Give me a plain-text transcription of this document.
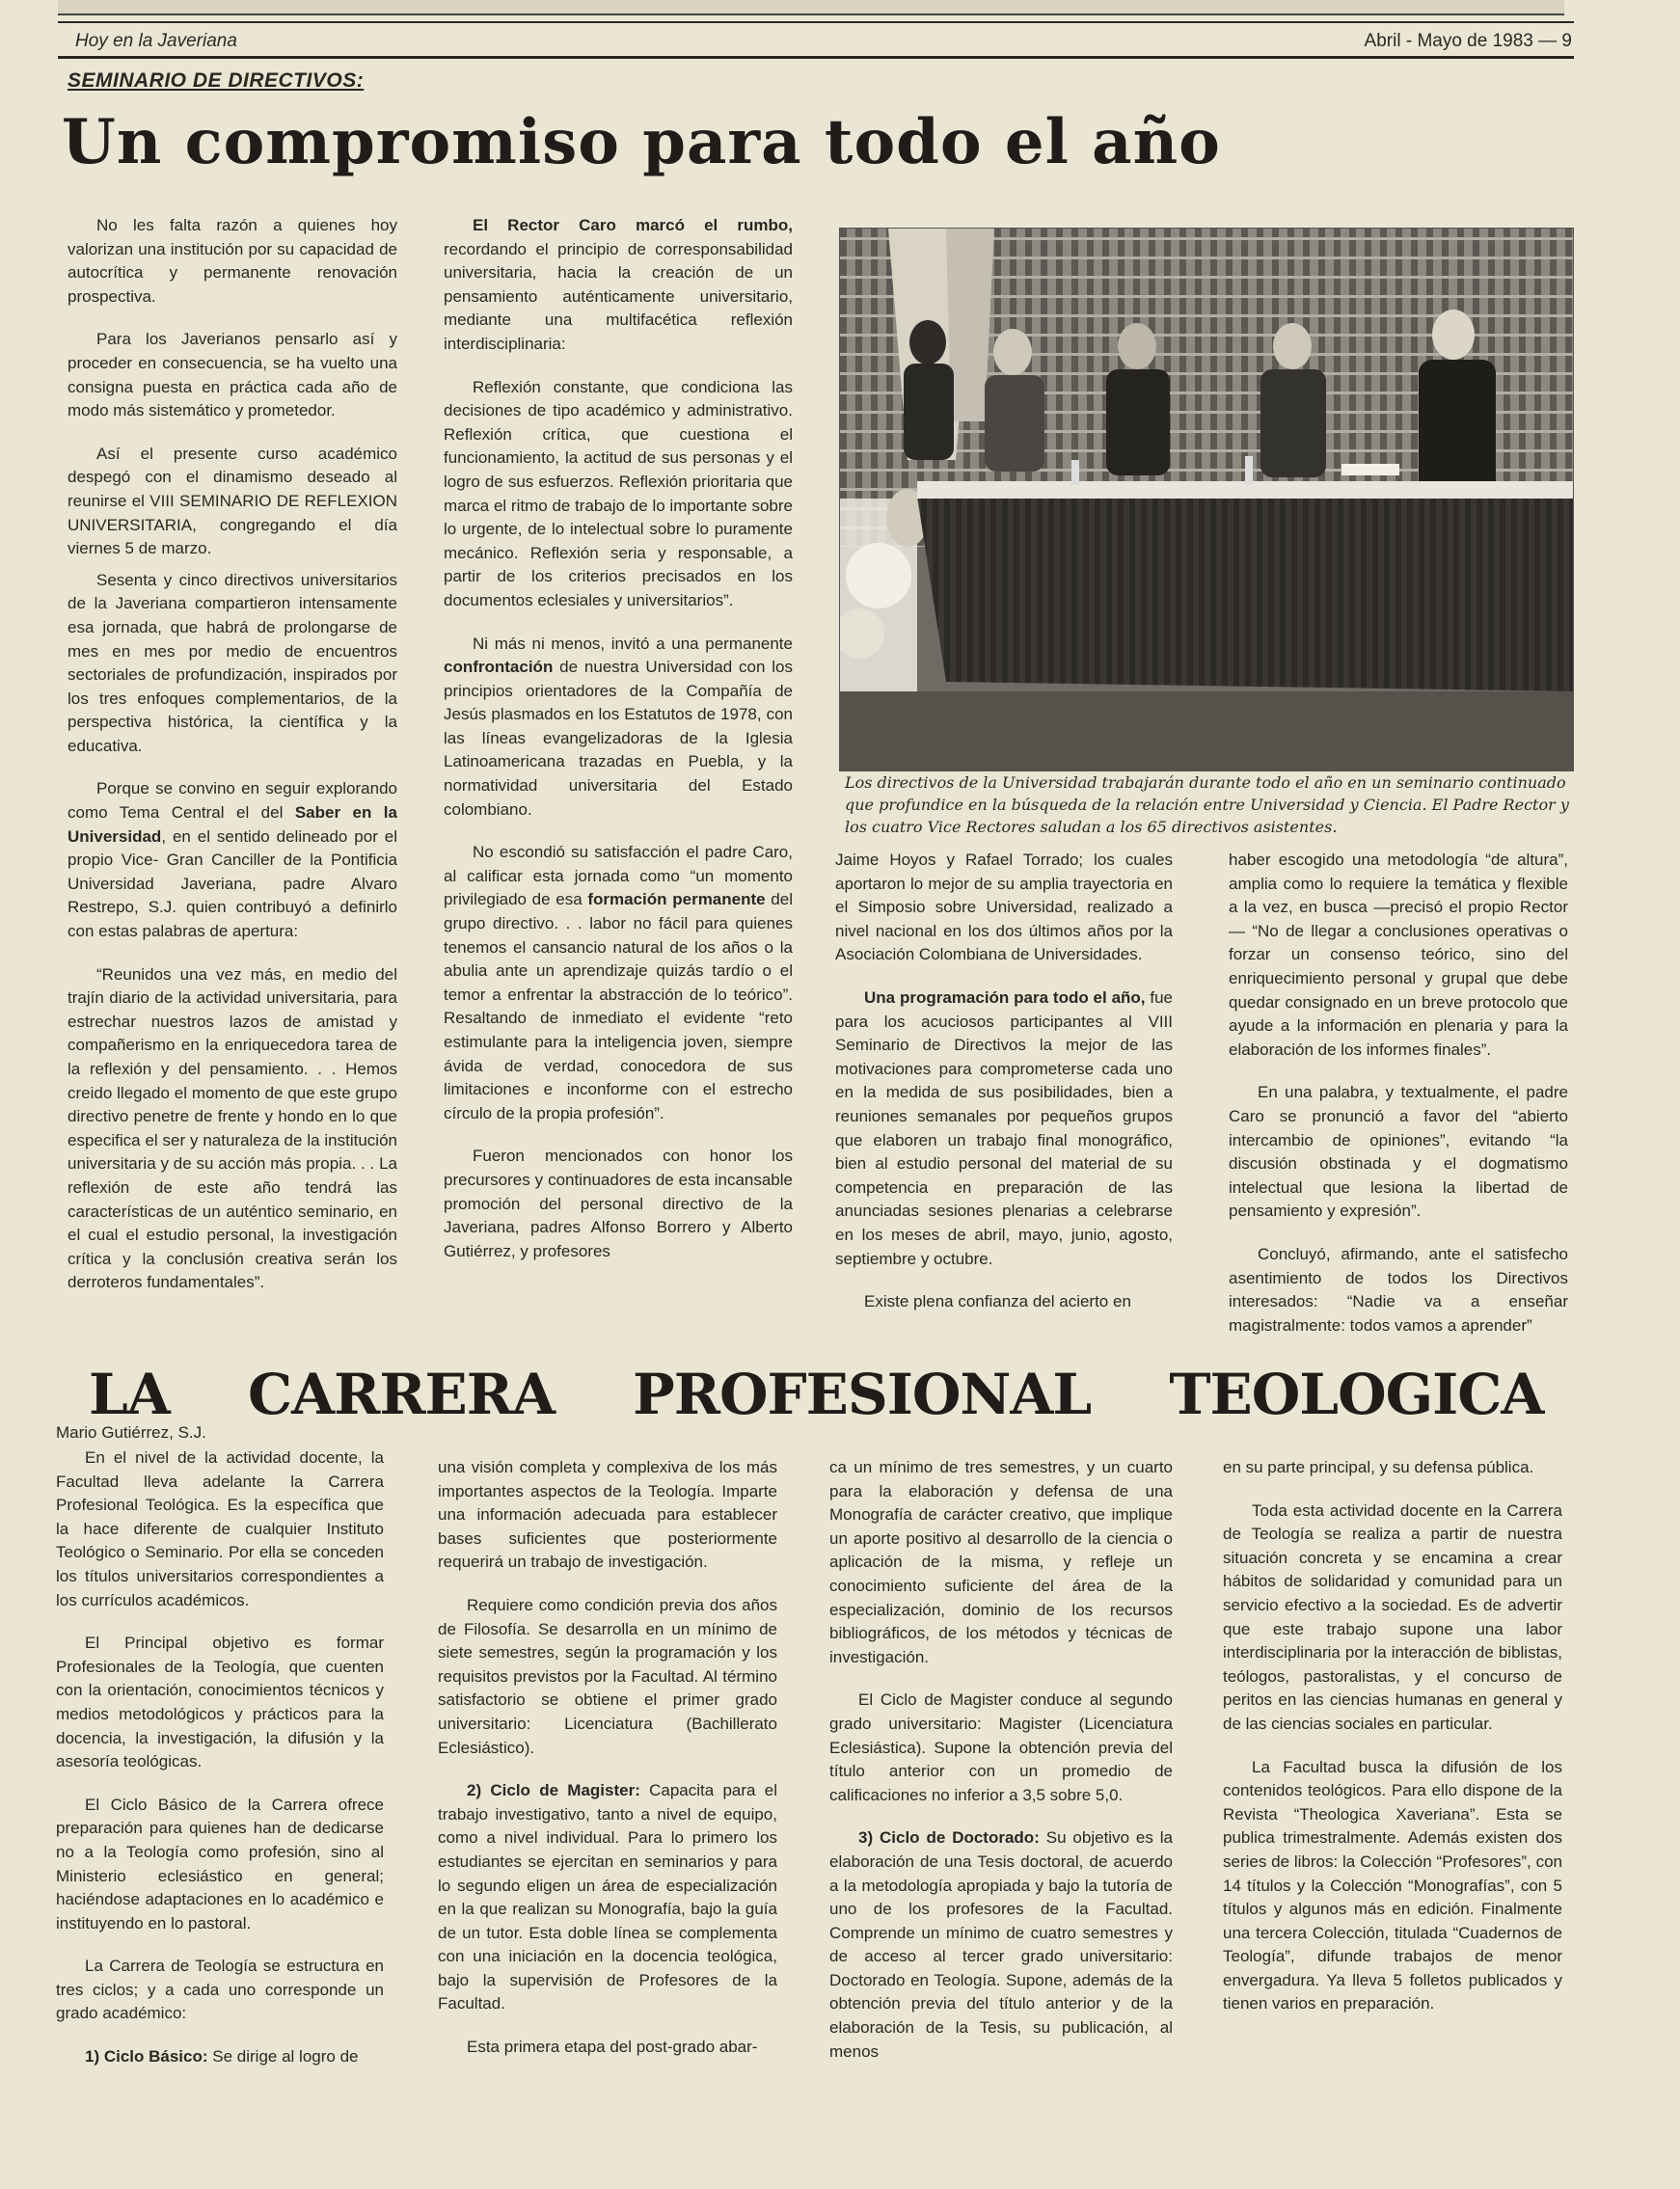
Hoy en la Javeriana	Abril - Mayo de 1983 — 9
SEMINARIO DE DIRECTIVOS:
Un compromiso para todo el año

No les falta razón a quienes hoy valorizan una institución por su capacidad de autocrítica y permanente renovación prospectiva.

Para los Javerianos pensarlo así y proceder en consecuencia, se ha vuelto una consigna puesta en práctica cada año de modo más sistemático y prometedor.

Así el presente curso académico despegó con el dinamismo deseado al reunirse el VIII SEMINARIO DE REFLEXION UNIVERSITARIA, congregando el día viernes 5 de marzo.

Sesenta y cinco directivos universitarios de la Javeriana compartieron intensamente esa jornada, que habrá de prolongarse de mes en mes por medio de encuentros sectoriales de profundización, inspirados por los tres enfoques complementarios, de la perspectiva histórica, la científica y la educativa.

Porque se convino en seguir explorando como Tema Central el del Saber en la Universidad, en el sentido delineado por el propio Vice- Gran Canciller de la Pontificia Universidad Javeriana, padre Alvaro Restrepo, S.J. quien contribuyó a definirlo con estas palabras de apertura:

“Reunidos una vez más, en medio del trajín diario de la actividad universitaria, para estrechar nuestros lazos de amistad y compañerismo en la enriquecedora tarea de la reflexión y del pensamiento. . . Hemos creido llegado el momento de que este grupo directivo penetre de frente y hondo en lo que especifica el ser y naturaleza de la institución universitaria y de su acción más propia. . . La reflexión de este año tendrá las características de un auténtico seminario, en el cual el estudio personal, la investigación crítica y la conclusión creativa serán los derroteros fundamentales”.

El Rector Caro marcó el rumbo, recordando el principio de corresponsabilidad universitaria, hacia la creación de un pensamiento auténticamente universitario, mediante una multifacética reflexión interdisciplinaria:

Reflexión constante, que condiciona las decisiones de tipo académico y administrativo. Reflexión crítica, que cuestiona el funcionamiento, la actitud de sus personas y el logro de sus esfuerzos. Reflexión prioritaria que marca el ritmo de trabajo de lo importante sobre lo urgente, de lo intelectual sobre lo puramente mecánico. Reflexión seria y responsable, a partir de los criterios precisados en los documentos eclesiales y universitarios”.

Ni más ni menos, invitó a una permanente confrontación de nuestra Universidad con los principios orientadores de la Compañía de Jesús plasmados en los Estatutos de 1978, con las líneas evangelizadoras de la Iglesia Latinoamericana trazadas en Puebla, y la normatividad universitaria del Estado colombiano.

No escondió su satisfacción el padre Caro, al calificar esta jornada como “un momento privilegiado de esa formación permanente del grupo directivo. . . labor no fácil para quienes tenemos el cansancio natural de los años o la abulia ante un aprendizaje quizás tardío o el temor a enfrentar la abstracción de lo teórico”. Resaltando de inmediato el evidente “reto estimulante para la inteligencia joven, siempre ávida de verdad, conocedora de sus limitaciones e inconforme con el estrecho círculo de la propia profesión”.

Fueron mencionados con honor los precursores y continuadores de esta incansable promoción del personal directivo de la Javeriana, padres Alfonso Borrero y Alberto Gutiérrez, y profesores

Los directivos de la Universidad trabajarán durante todo el año en un seminario continuado que profundice en la búsqueda de la relación entre Universidad y Ciencia. El Padre Rector y los cuatro Vice Rectores saludan a los 65 directivos asistentes.

Jaime Hoyos y Rafael Torrado; los cuales aportaron lo mejor de su amplia trayectoria en el Simposio sobre Universidad, realizado a nivel nacional en los dos últimos años por la Asociación Colombiana de Universidades.

Una programación para todo el año, fue para los acuciosos participantes al VIII Seminario de Directivos la mejor de las motivaciones para comprometerse cada uno en la medida de sus posibilidades, bien a reuniones semanales por pequeños grupos que elaboren un trabajo final monográfico, bien al estudio personal del material de su competencia en preparación de las anunciadas sesiones plenarias a celebrarse en los meses de abril, mayo, junio, agosto, septiembre y octubre.

Existe plena confianza del acierto en

haber escogido una metodología “de altura”, amplia como lo requiere la temática y flexible a la vez, en busca —precisó el propio Rector— “No de llegar a conclusiones operativas o forzar un consenso teórico, sino del enriquecimiento personal y grupal que debe quedar consignado en un breve protocolo que ayude a la información en plenaria y para la elaboración de los informes finales”.

En una palabra, y textualmente, el padre Caro se pronunció a favor del “abierto intercambio de opiniones”, evitando “la discusión obstinada y el dogmatismo intelectual que lesiona la libertad de pensamiento y expresión”.

Concluyó, afirmando, ante el satisfecho asentimiento de todos los Directivos interesados: “Nadie va a enseñar magistralmente: todos vamos a aprender”

LA CARRERA PROFESIONAL TEOLOGICA
Mario Gutiérrez, S.J.

En el nivel de la actividad docente, la Facultad lleva adelante la Carrera Profesional Teológica. Es la específica que la hace diferente de cualquier Instituto Teológico o Seminario. Por ella se conceden los títulos universitarios correspondientes a los currículos académicos.

El Principal objetivo es formar Profesionales de la Teología, que cuenten con la orientación, conocimientos técnicos y medios metodológicos y prácticos para la docencia, la investigación, la difusión y la asesoría teológicas.

El Ciclo Básico de la Carrera ofrece preparación para quienes han de dedicarse no a la Teología como profesión, sino al Ministerio eclesiástico en general; haciéndose adaptaciones en lo académico e instituyendo en lo pastoral.

La Carrera de Teología se estructura en tres ciclos; y a cada uno corresponde un grado académico:

1) Ciclo Básico: Se dirige al logro de

una visión completa y complexiva de los más importantes aspectos de la Teología. Imparte una información adecuada para establecer bases suficientes que posteriormente requerirá un trabajo de investigación.

Requiere como condición previa dos años de Filosofía. Se desarrolla en un mínimo de siete semestres, según la programación y los requisitos previstos por la Facultad. Al término satisfactorio se obtiene el primer grado universitario: Licenciatura (Bachillerato Eclesiástico).

2) Ciclo de Magister: Capacita para el trabajo investigativo, tanto a nivel de equipo, como a nivel individual. Para lo primero los estudiantes se ejercitan en seminarios y para lo segundo eligen un área de especialización en la que realizan su Monografía, bajo la guía de un tutor. Esta doble línea se complementa con una iniciación en la docencia teológica, bajo la supervisión de Profesores de la Facultad.

Esta primera etapa del post-grado abar-

ca un mínimo de tres semestres, y un cuarto para la elaboración y defensa de una Monografía de carácter creativo, que implique un aporte positivo al desarrollo de la ciencia o aplicación de la misma, y refleje un conocimiento suficiente del área de la especialización, dominio de los recursos bibliográficos, de los métodos y técnicas de investigación.

El Ciclo de Magister conduce al segundo grado universitario: Magister (Licenciatura Eclesiástica). Supone la obtención previa del título anterior con un promedio de calificaciones no inferior a 3,5 sobre 5,0.

3) Ciclo de Doctorado: Su objetivo es la elaboración de una Tesis doctoral, de acuerdo a la metodología apropiada y bajo la tutoría de uno de los profesores de la Facultad. Comprende un mínimo de cuatro semestres y de acceso al tercer grado universitario: Doctorado en Teología. Supone, además de la obtención previa del título anterior y de la elaboración de la Tesis, su publicación, al menos

en su parte principal, y su defensa pública.

Toda esta actividad docente en la Carrera de Teología se realiza a partir de nuestra situación concreta y se encamina a crear hábitos de solidaridad y comunidad para un servicio efectivo a la sociedad. Es de advertir que este trabajo supone una labor interdisciplinaria por la interacción de biblistas, teólogos, pastoralistas, y el concurso de peritos en las ciencias humanas en general y de las ciencias sociales en particular.

La Facultad busca la difusión de los contenidos teológicos. Para ello dispone de la Revista “Theologica Xaveriana”. Esta se publica trimestralmente. Además existen dos series de libros: la Colección “Profesores”, con 14 títulos y la Colección “Monografías”, con 5 títulos y algunos más en edición. Finalmente una tercera Colección, titulada “Cuadernos de Teología”, difunde trabajos de menor envergadura. Ya lleva 5 folletos publicados y tienen varios en preparación.
